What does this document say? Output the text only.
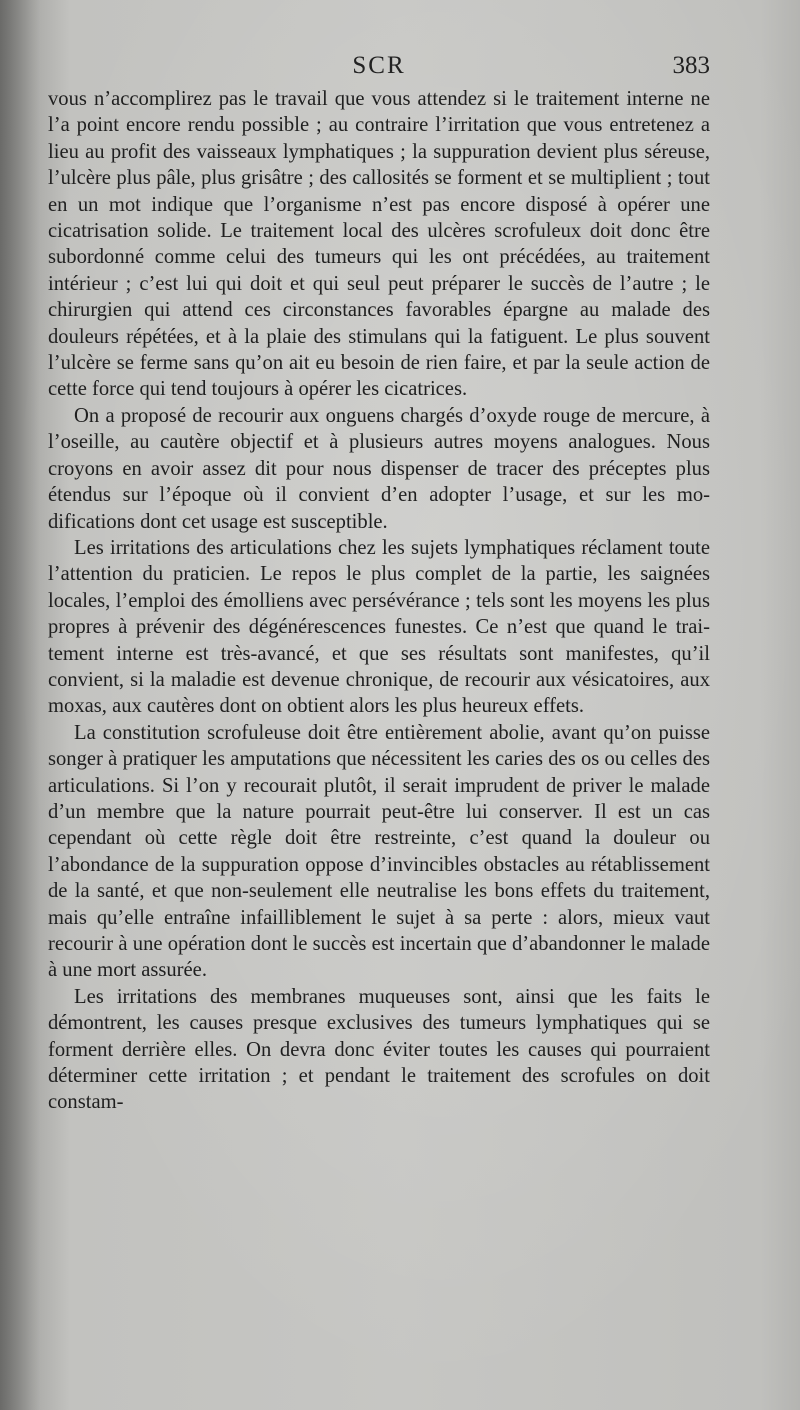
SCR	383

vous n’accomplirez pas le travail que vous attendez si le traitement interne ne l’a point encore rendu possible ; au contraire l’irritation que vous entretenez a lieu au profit des vaisseaux lymphatiques ; la suppuration devient plus séreuse, l’ulcère plus pâle, plus grisâtre ; des callosités se forment et se multiplient ; tout en un mot indique que l’organisme n’est pas encore disposé à opérer une cicatrisation solide. Le traitement local des ulcères scrofuleux doit donc être subordonné comme celui des tumeurs qui les ont précédées, au traitement intérieur ; c’est lui qui doit et qui seul peut préparer le succès de l’autre ; le chirurgien qui attend ces circonstances favorables épargne au malade des douleurs répétées, et à la plaie des stimulans qui la fatiguent. Le plus souvent l’ulcère se ferme sans qu’on ait eu besoin de rien faire, et par la seule action de cette force qui tend toujours à opérer les cicatrices.

On a proposé de recourir aux onguens chargés d’oxyde rouge de mercure, à l’oseille, au cautère objectif et à plusieurs autres moyens analogues. Nous croyons en avoir assez dit pour nous dispenser de tracer des préceptes plus étendus sur l’époque où il convient d’en adopter l’usage, et sur les modifications dont cet usage est susceptible.

Les irritations des articulations chez les sujets lymphatiques réclament toute l’attention du praticien. Le repos le plus complet de la partie, les saignées locales, l’emploi des émolliens avec persévérance ; tels sont les moyens les plus propres à prévenir des dégénérescences funestes. Ce n’est que quand le traitement interne est très-avancé, et que ses résultats sont manifestes, qu’il convient, si la maladie est devenue chronique, de recourir aux vésicatoires, aux moxas, aux cautères dont on obtient alors les plus heureux effets.

La constitution scrofuleuse doit être entièrement abolie, avant qu’on puisse songer à pratiquer les amputations que nécessitent les caries des os ou celles des articulations. Si l’on y recourait plutôt, il serait imprudent de priver le malade d’un membre que la nature pourrait peut-être lui conserver. Il est un cas cependant où cette règle doit être restreinte, c’est quand la douleur ou l’abondance de la suppuration oppose d’invincibles obstacles au rétablissement de la santé, et que non-seulement elle neutralise les bons effets du traitement, mais qu’elle entraîne infailliblement le sujet à sa perte : alors, mieux vaut recourir à une opération dont le succès est incertain que d’abandonner le malade à une mort assurée.

Les irritations des membranes muqueuses sont, ainsi que les faits le démontrent, les causes presque exclusives des tumeurs lymphatiques qui se forment derrière elles. On devra donc éviter toutes les causes qui pourraient déterminer cette irritation ; et pendant le traitement des scrofules on doit constam-
